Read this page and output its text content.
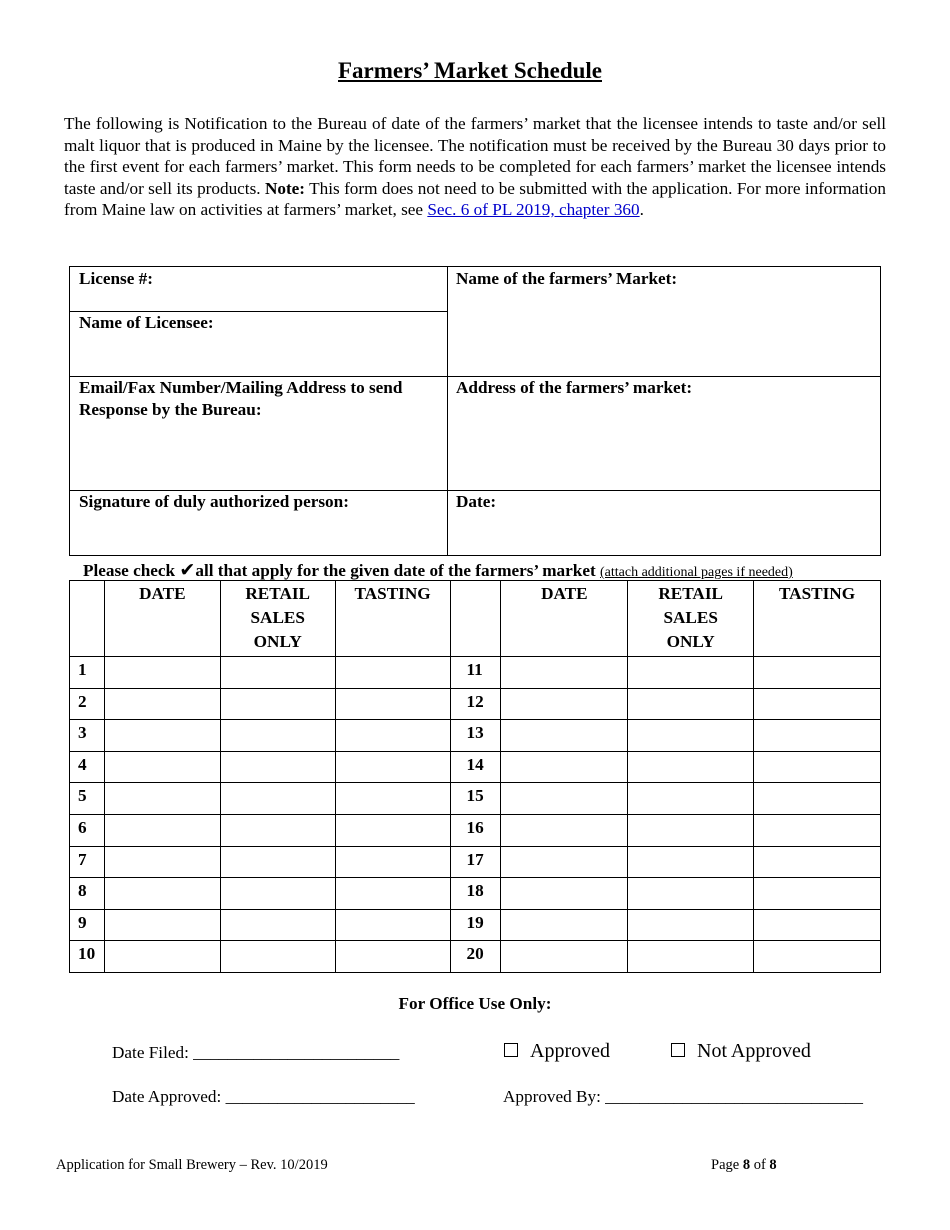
Farmers’ Market Schedule

The following is Notification to the Bureau of date of the farmers’ market that the licensee intends to taste and/or sell malt liquor that is produced in Maine by the licensee. The notification must be received by the Bureau 30 days prior to the first event for each farmers’ market. This form needs to be completed for each farmers’ market the licensee intends taste and/or sell its products. Note: This form does not need to be submitted with the application. For more information from Maine law on activities at farmers’ market, see Sec. 6 of PL 2019, chapter 360.

License #:
Name of Licensee:
Name of the farmers’ Market:
Email/Fax Number/Mailing Address to send Response by the Bureau:
Address of the farmers’ market:
Signature of duly authorized person:	Date:
Please check ✔all that apply for the given date of the farmers’ market (attach additional pages if needed)
	DATE	RETAIL
SALES
ONLY	TASTING		DATE	RETAIL
SALES
ONLY	TASTING
1				11			
2				12			
3				13			
4				14			
5				15			
6				16			
7				17			
8				18			
9				19			
10				20			
For Office Use Only:
Date Filed: ________________________	Approved	Not Approved
Date Approved: ______________________	Approved By: ______________________________
Application for Small Brewery – Rev. 10/2019	Page 8 of 8
